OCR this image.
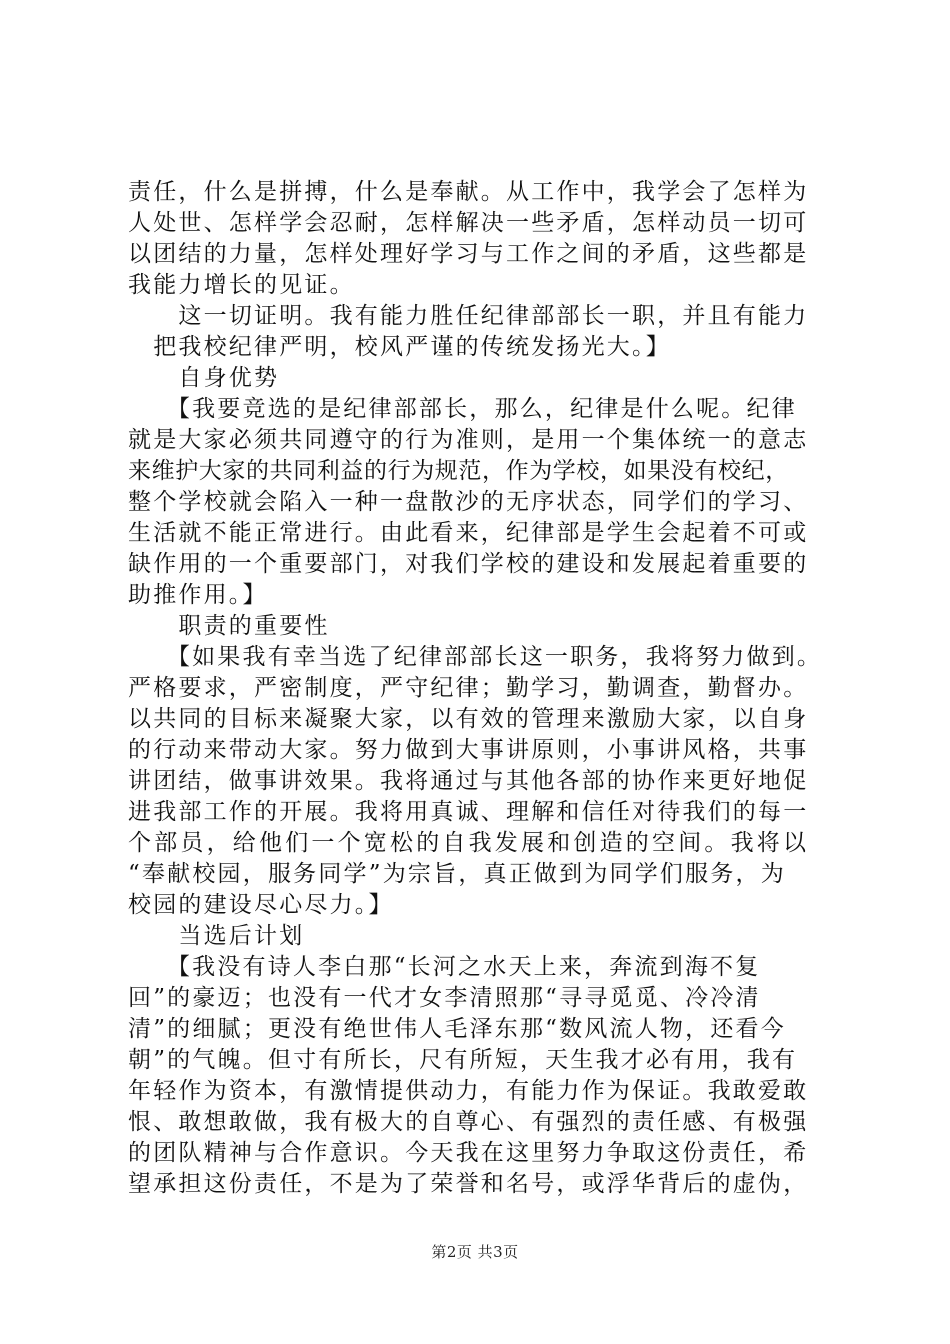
责任，什么是拼搏，什么是奉献。从工作中，我学会了怎样为
人处世、怎样学会忍耐，怎样解决一些矛盾，怎样动员一切可
以团结的力量，怎样处理好学习与工作之间的矛盾，这些都是
我能力增长的见证。
　　这一切证明。我有能力胜任纪律部部长一职，并且有能力
　把我校纪律严明，校风严谨的传统发扬光大。】
　　自身优势
　　【我要竞选的是纪律部部长，那么，纪律是什么呢。纪律
就是大家必须共同遵守的行为准则，是用一个集体统一的意志
来维护大家的共同利益的行为规范，作为学校，如果没有校纪，
整个学校就会陷入一种一盘散沙的无序状态，同学们的学习、
生活就不能正常进行。由此看来，纪律部是学生会起着不可或
缺作用的一个重要部门，对我们学校的建设和发展起着重要的
助推作用。】
　　职责的重要性
　　【如果我有幸当选了纪律部部长这一职务，我将努力做到。
严格要求，严密制度，严守纪律；勤学习，勤调查，勤督办。
以共同的目标来凝聚大家，以有效的管理来激励大家，以自身
的行动来带动大家。努力做到大事讲原则，小事讲风格，共事
讲团结，做事讲效果。我将通过与其他各部的协作来更好地促
进我部工作的开展。我将用真诚、理解和信任对待我们的每一
个部员，给他们一个宽松的自我发展和创造的空间。我将以
“奉献校园，服务同学”为宗旨，真正做到为同学们服务，为
校园的建设尽心尽力。】
　　当选后计划
　　【我没有诗人李白那“长河之水天上来，奔流到海不复
回”的豪迈；也没有一代才女李清照那“寻寻觅觅、冷冷清
清”的细腻；更没有绝世伟人毛泽东那“数风流人物，还看今
朝”的气魄。但寸有所长，尺有所短，天生我才必有用，我有
年轻作为资本，有激情提供动力，有能力作为保证。我敢爱敢
恨、敢想敢做，我有极大的自尊心、有强烈的责任感、有极强
的团队精神与合作意识。今天我在这里努力争取这份责任，希
望承担这份责任，不是为了荣誉和名号，或浮华背后的虚伪，
第2页 共3页
